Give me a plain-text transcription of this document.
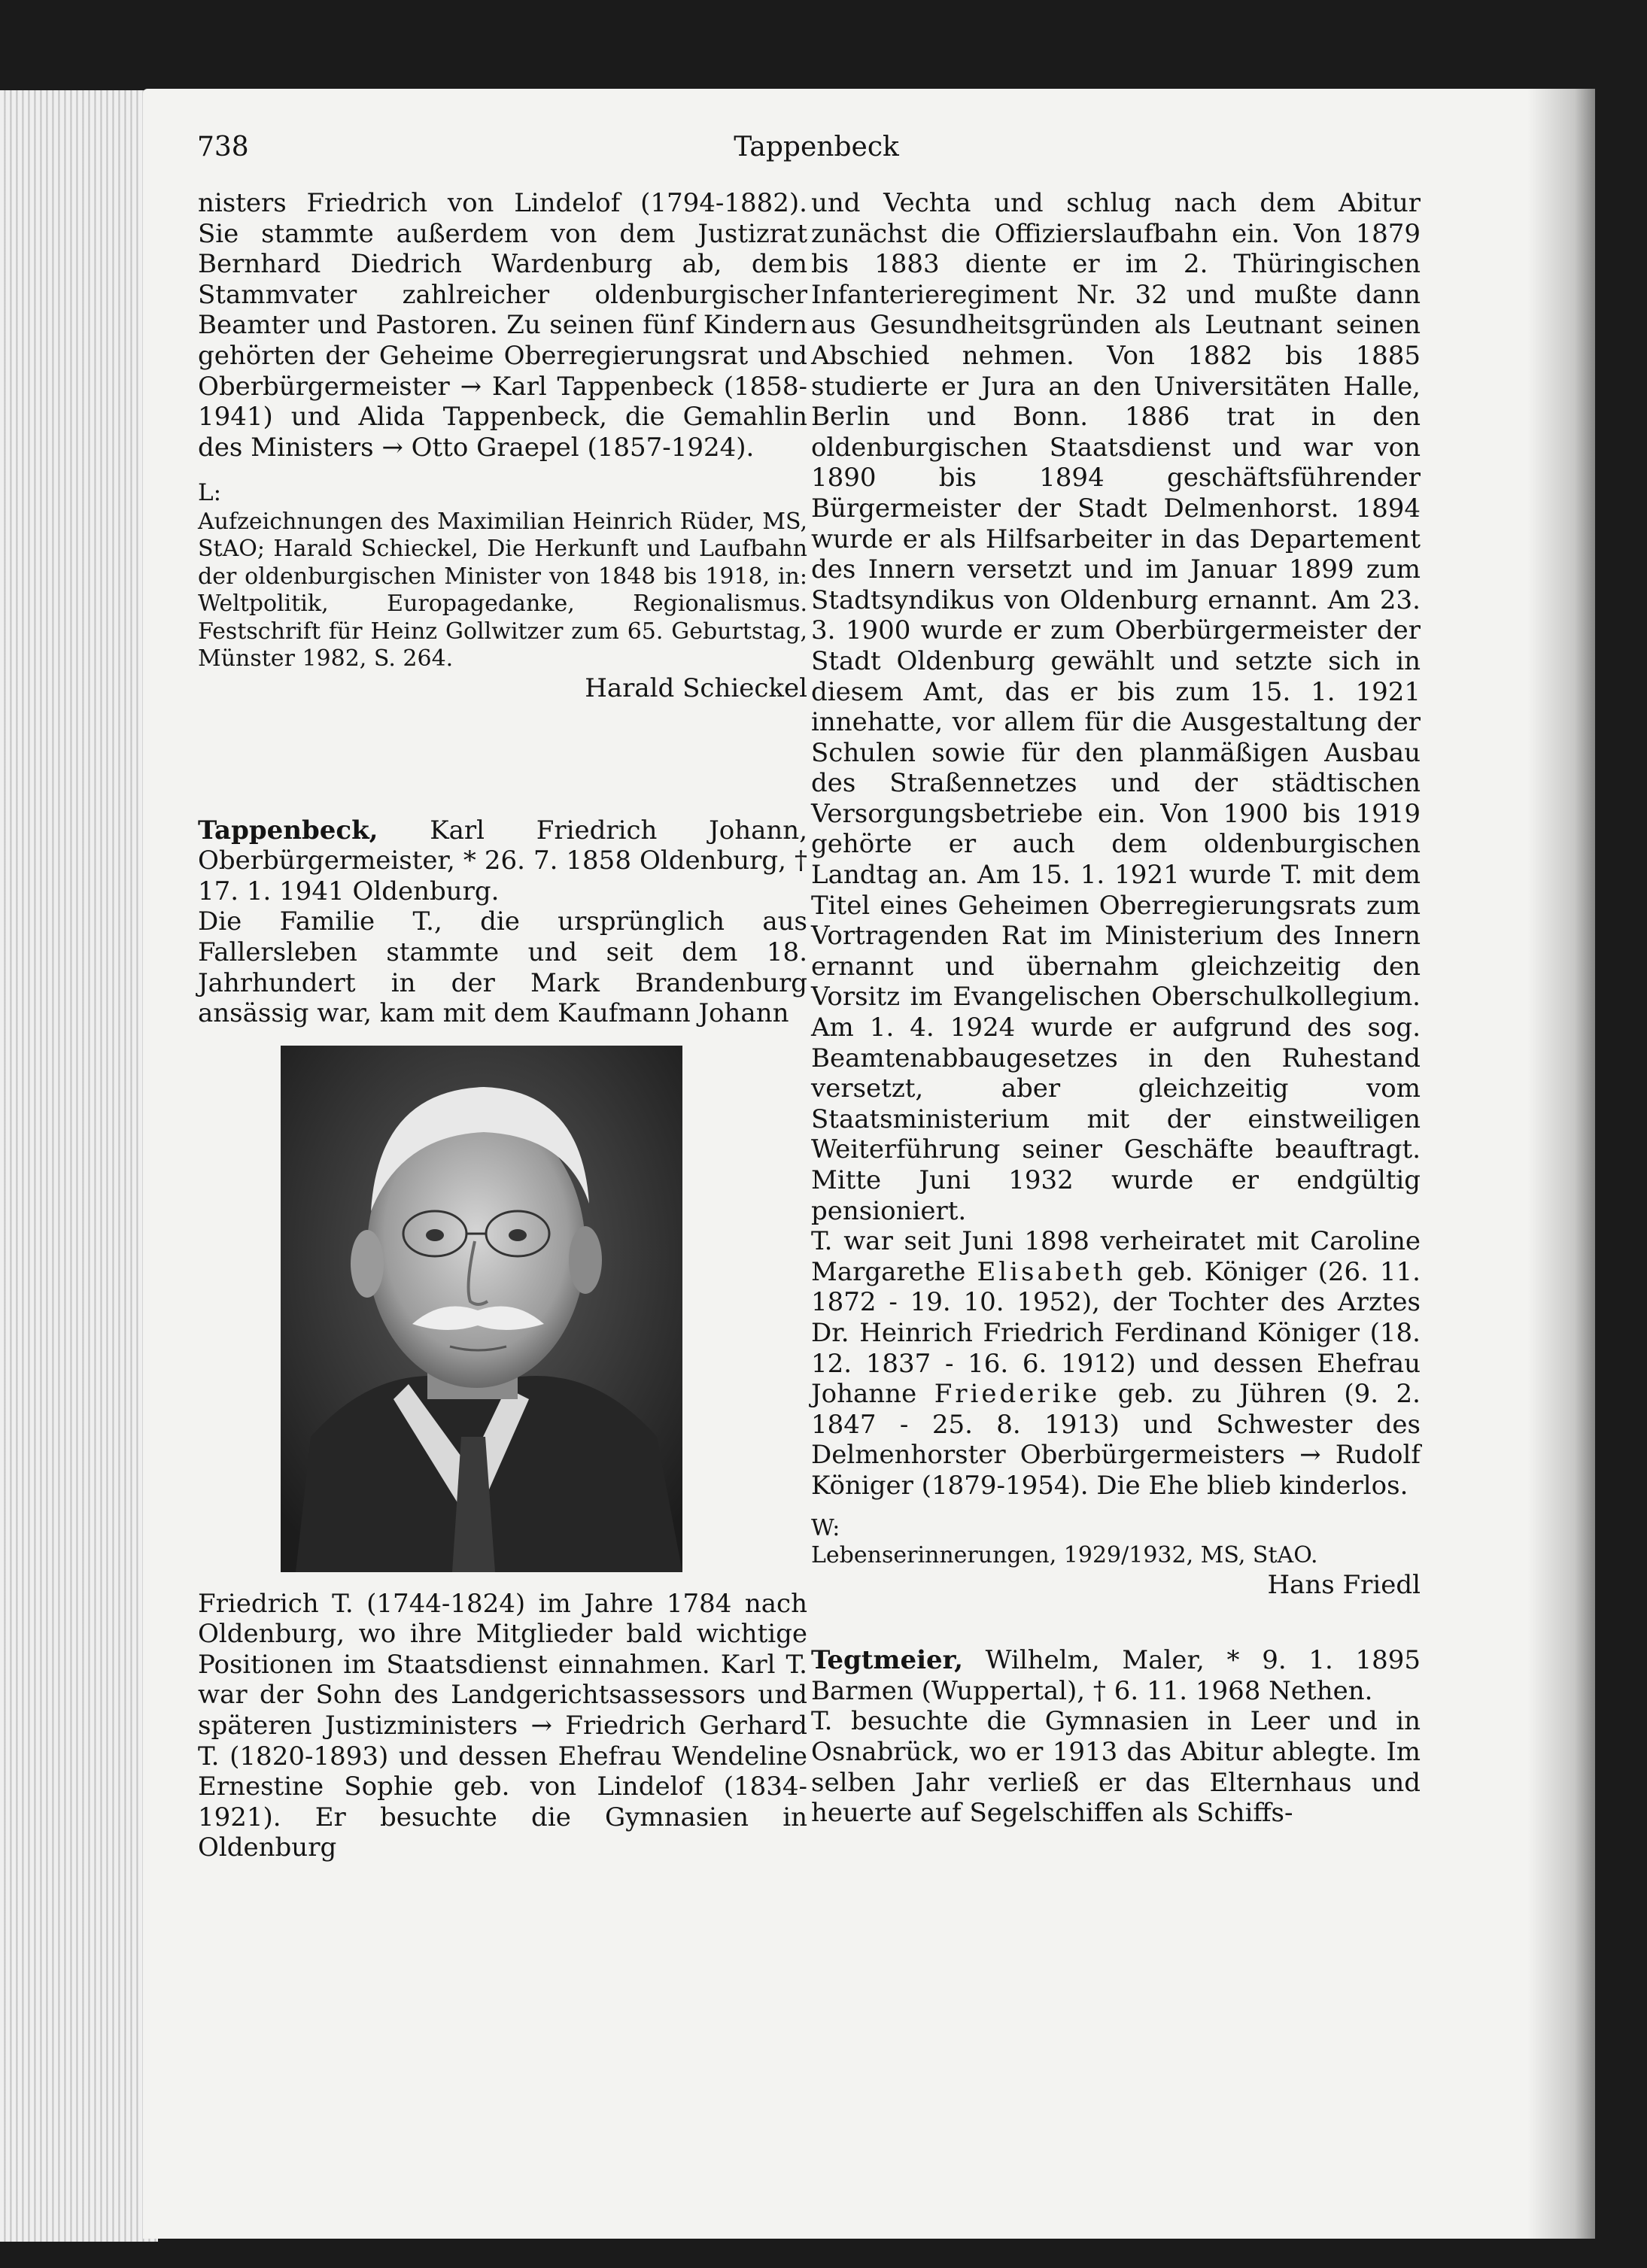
738	Tappenbeck

nisters Friedrich von Lindelof (1794-1882). Sie stammte außerdem von dem Justizrat Bernhard Diedrich Wardenburg ab, dem Stammvater zahlreicher oldenburgischer Beamter und Pastoren. Zu seinen fünf Kindern gehörten der Geheime Oberregierungsrat und Oberbürgermeister → Karl Tappenbeck (1858-1941) und Alida Tappenbeck, die Gemahlin des Ministers → Otto Graepel (1857-1924).

L:

Aufzeichnungen des Maximilian Heinrich Rüder, MS, StAO; Harald Schieckel, Die Herkunft und Laufbahn der oldenburgischen Minister von 1848 bis 1918, in: Weltpolitik, Europagedanke, Regionalismus. Festschrift für Heinz Gollwitzer zum 65. Geburtstag, Münster 1982, S. 264.

Harald Schieckel

Tappenbeck, Karl Friedrich Johann, Oberbürgermeister, * 26. 7. 1858 Oldenburg, † 17. 1. 1941 Oldenburg.

Die Familie T., die ursprünglich aus Fallersleben stammte und seit dem 18. Jahrhundert in der Mark Brandenburg ansässig war, kam mit dem Kaufmann Johann

Friedrich T. (1744-1824) im Jahre 1784 nach Oldenburg, wo ihre Mitglieder bald wichtige Positionen im Staatsdienst einnahmen. Karl T. war der Sohn des Landgerichtsassessors und späteren Justizministers → Friedrich Gerhard T. (1820-1893) und dessen Ehefrau Wendeline Ernestine Sophie geb. von Lindelof (1834-1921). Er besuchte die Gymnasien in Oldenburg

und Vechta und schlug nach dem Abitur zunächst die Offizierslaufbahn ein. Von 1879 bis 1883 diente er im 2. Thüringischen Infanterieregiment Nr. 32 und mußte dann aus Gesundheitsgründen als Leutnant seinen Abschied nehmen. Von 1882 bis 1885 studierte er Jura an den Universitäten Halle, Berlin und Bonn. 1886 trat in den oldenburgischen Staatsdienst und war von 1890 bis 1894 geschäftsführender Bürgermeister der Stadt Delmenhorst. 1894 wurde er als Hilfsarbeiter in das Departement des Innern versetzt und im Januar 1899 zum Stadtsyndikus von Oldenburg ernannt. Am 23. 3. 1900 wurde er zum Oberbürgermeister der Stadt Oldenburg gewählt und setzte sich in diesem Amt, das er bis zum 15. 1. 1921 innehatte, vor allem für die Ausgestaltung der Schulen sowie für den planmäßigen Ausbau des Straßennetzes und der städtischen Versorgungsbetriebe ein. Von 1900 bis 1919 gehörte er auch dem oldenburgischen Landtag an. Am 15. 1. 1921 wurde T. mit dem Titel eines Geheimen Oberregierungsrats zum Vortragenden Rat im Ministerium des Innern ernannt und übernahm gleichzeitig den Vorsitz im Evangelischen Oberschulkollegium. Am 1. 4. 1924 wurde er aufgrund des sog. Beamtenabbaugesetzes in den Ruhestand versetzt, aber gleichzeitig vom Staatsministerium mit der einstweiligen Weiterführung seiner Geschäfte beauftragt. Mitte Juni 1932 wurde er endgültig pensioniert.

T. war seit Juni 1898 verheiratet mit Caroline Margarethe Elisabeth geb. Königer (26. 11. 1872 - 19. 10. 1952), der Tochter des Arztes Dr. Heinrich Friedrich Ferdinand Königer (18. 12. 1837 - 16. 6. 1912) und dessen Ehefrau Johanne Friederike geb. zu Jühren (9. 2. 1847 - 25. 8. 1913) und Schwester des Delmenhorster Oberbürgermeisters → Rudolf Königer (1879-1954). Die Ehe blieb kinderlos.

W:

Lebenserinnerungen, 1929/1932, MS, StAO.

Hans Friedl

Tegtmeier, Wilhelm, Maler, * 9. 1. 1895 Barmen (Wuppertal), † 6. 11. 1968 Nethen.

T. besuchte die Gymnasien in Leer und in Osnabrück, wo er 1913 das Abitur ablegte. Im selben Jahr verließ er das Elternhaus und heuerte auf Segelschiffen als Schiffs-
